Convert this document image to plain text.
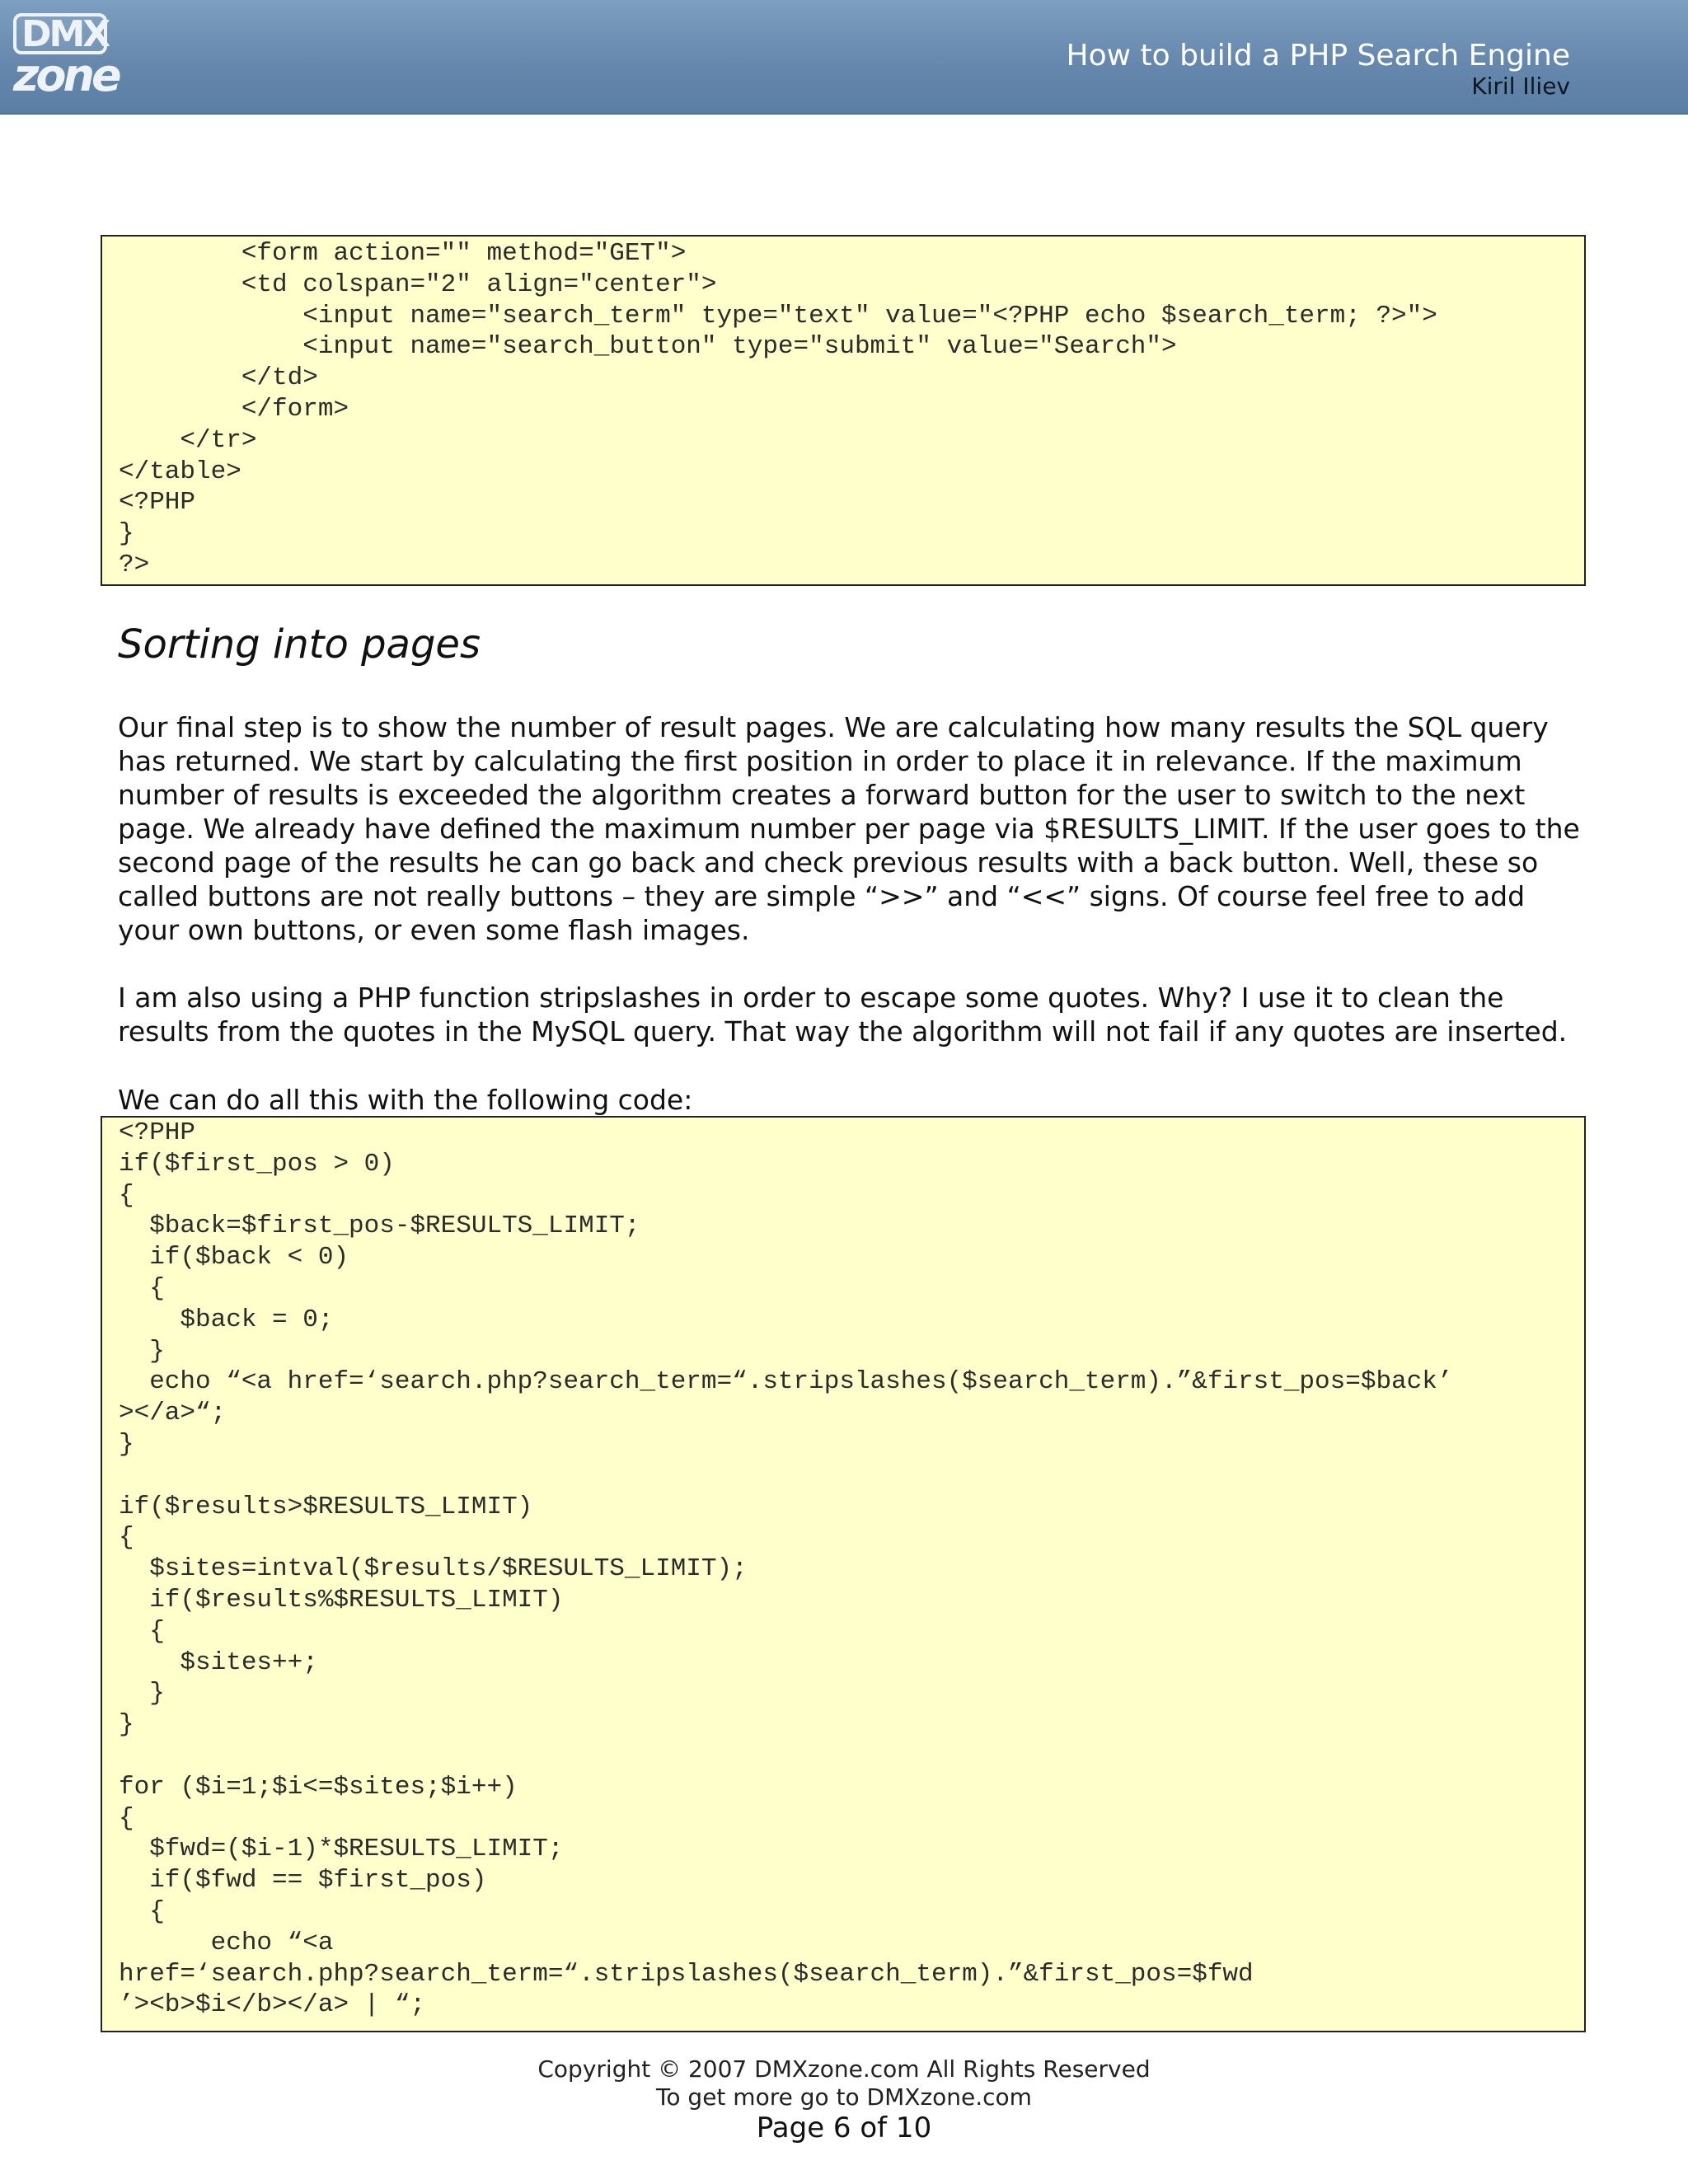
DMX
zone	How to build a PHP Search Engine
Kiril Iliev
<form action="" method="GET">
<td colspan="2" align="center">
<input name="search_term" type="text" value="<?PHP echo $search_term; ?>">
<input name="search_button" type="submit" value="Search">
</td>
</form>
</tr>
</table>
<?PHP
}
?>
Sorting into pages

Our final step is to show the number of result pages. We are calculating how many results the SQL query has returned. We start by calculating the first position in order to place it in relevance. If the maximum number of results is exceeded the algorithm creates a forward button for the user to switch to the next page. We already have defined the maximum number per page via $RESULTS_LIMIT. If the user goes to the second page of the results he can go back and check previous results with a back button. Well, these so called buttons are not really buttons – they are simple “>>” and “<<” signs. Of course feel free to add your own buttons, or even some flash images.

I am also using a PHP function stripslashes in order to escape some quotes. Why? I use it to clean the results from the quotes in the MySQL query. That way the algorithm will not fail if any quotes are inserted.

We can do all this with the following code:

<?PHP
if($first_pos > 0)
{
$back=$first_pos-$RESULTS_LIMIT;
if($back < 0)
{
$back = 0;
}
echo “<a href=‘search.php?search_term=“.stripslashes($search_term).”&first_pos=$back’
></a>“;
}

if($results>$RESULTS_LIMIT)
{
$sites=intval($results/$RESULTS_LIMIT);
if($results%$RESULTS_LIMIT)
{
$sites++;
}
}

for ($i=1;$i<=$sites;$i++)
{
$fwd=($i-1)*$RESULTS_LIMIT;
if($fwd == $first_pos)
{
echo “<a
href=‘search.php?search_term=“.stripslashes($search_term).”&first_pos=$fwd
’><b>$i</b></a> | “;
Copyright © 2007 DMXzone.com All Rights Reserved
To get more go to DMXzone.com
Page 6 of 10
